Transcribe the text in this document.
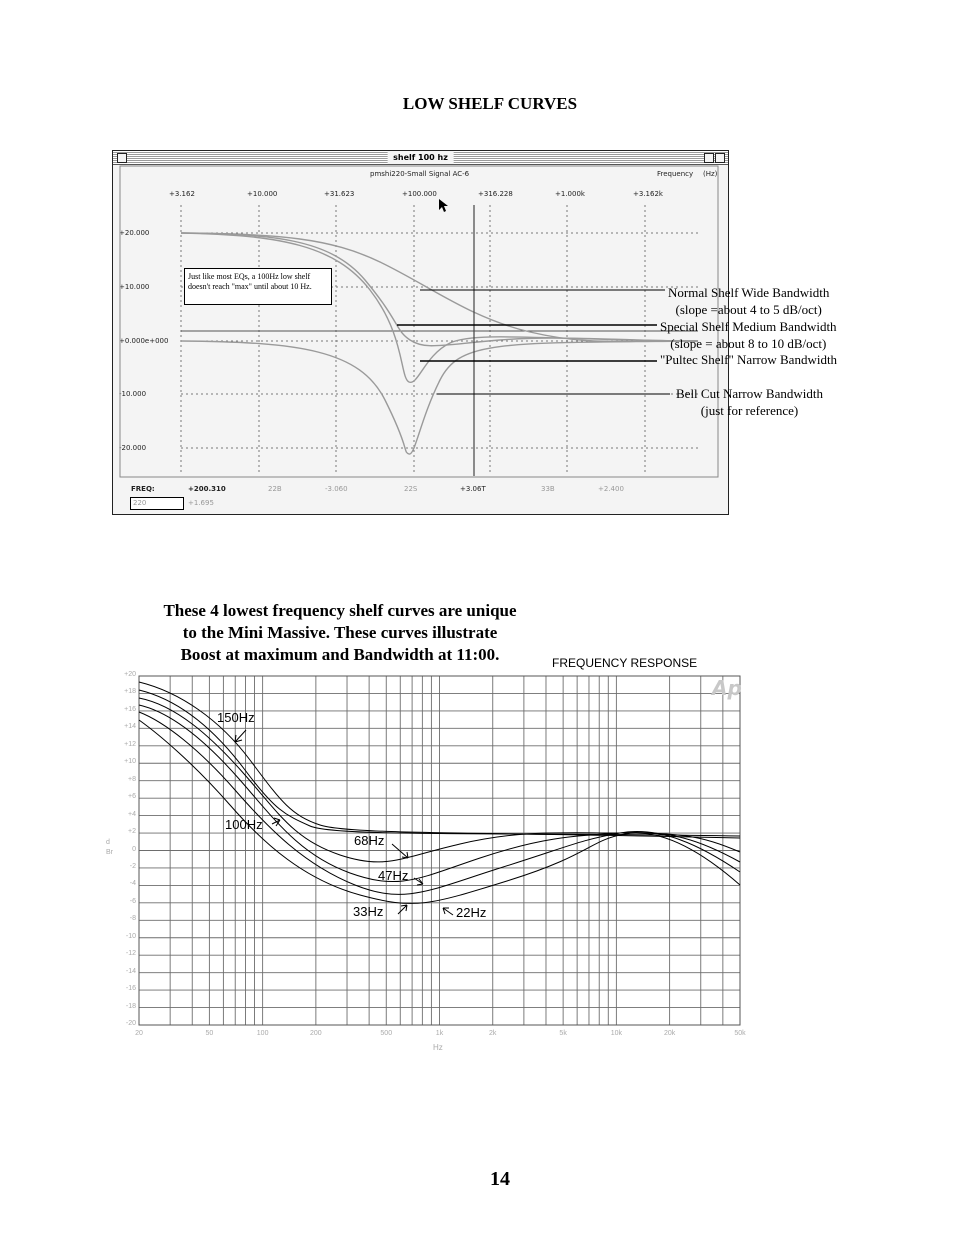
LOW SHELF CURVES
shelf 100 hz
pmshi220-Small Signal AC-6	Frequency (Hz)
+3.162	+10.000	+31.623	+100.000	+316.228	+1.000k	+3.162k
+20.000
+10.000
+0.000e+000
-10.000
-20.000
FREQ:	+200.310
220	+1.695
22B	-3.060	22S	+3.06T	33B	+2.400
Just like most EQs, a 100Hz low shelf doesn't reach "max" until about 10 Hz.	Normal Shelf Wide Bandwidth
(slope =about 4 to 5 dB/oct)
Special Shelf Medium Bandwidth
(slope = about 8 to 10 dB/oct)
"Pultec Shelf" Narrow Bandwidth
Bell Cut Narrow Bandwidth
(just for reference)
These 4 lowest frequency shelf curves are unique
to the Mini Massive. These curves illustrate
Boost at maximum and Bandwidth at 11:00.	FREQUENCY RESPONSE
Ap
+20
+18
+16
+14
+12
+10
+8
+6
+4
+2
0
-2
-4
-6
-8
-10
-12
-14
-16
-18
-20
20	50	100	200	500	1k	2k	5k	10k	20k	50k
dBr
Hz
150Hz
100Hz
68Hz
47Hz
33Hz	22Hz
14
